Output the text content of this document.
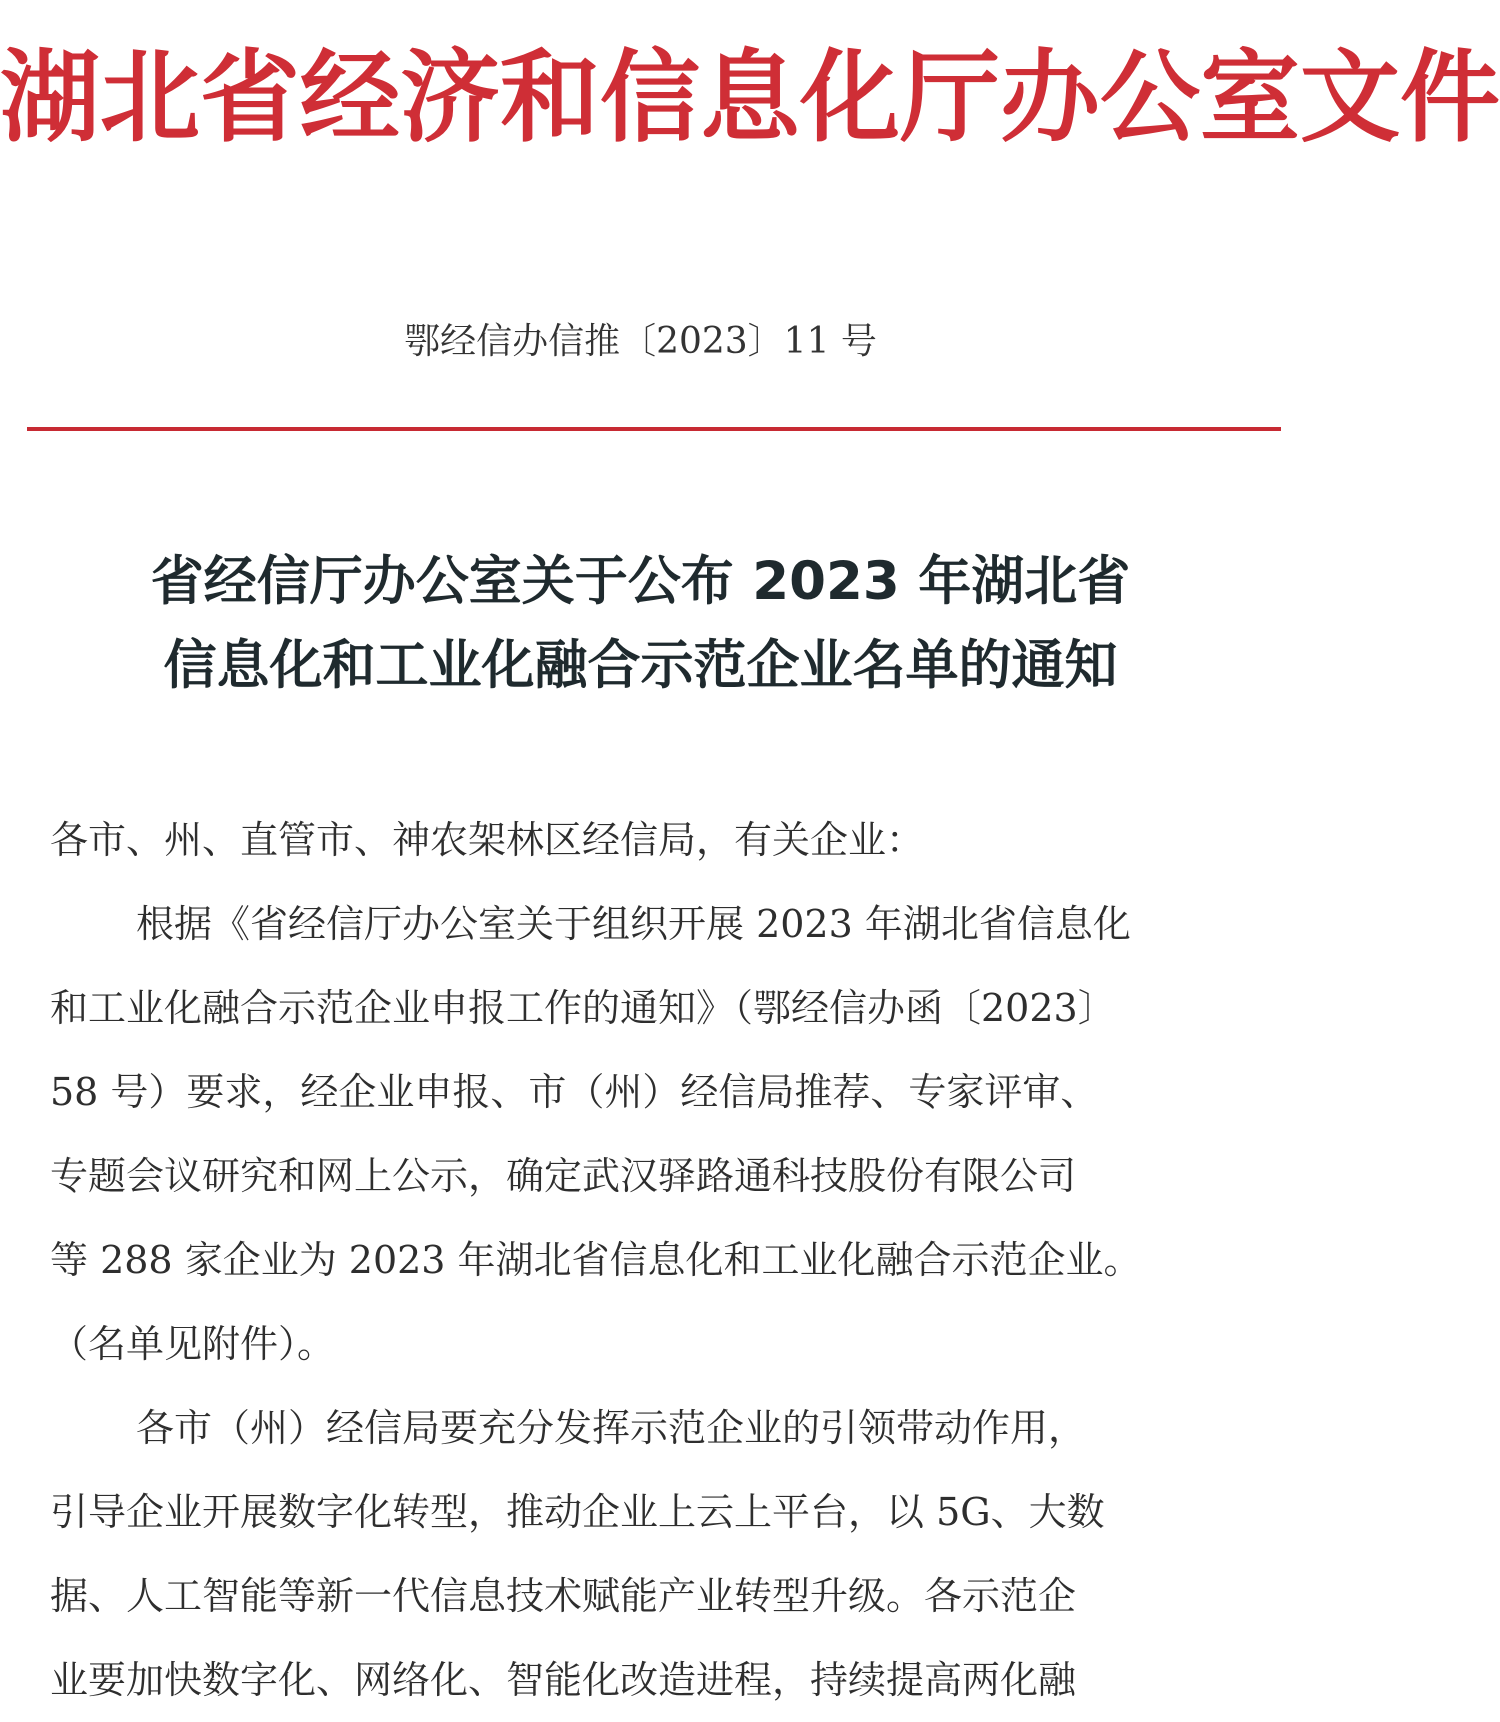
湖北省经济和信息化厅办公室文件
鄂经信办信推〔2023〕11 号
省经信厅办公室关于公布 2023 年湖北省
信息化和工业化融合示范企业名单的通知
各市、州、直管市、神农架林区经信局，有关企业：
根据《省经信厅办公室关于组织开展 2023 年湖北省信息化
和工业化融合示范企业申报工作的通知》（鄂经信办函〔2023〕
58 号）要求，经企业申报、市（州）经信局推荐、专家评审、
专题会议研究和网上公示，确定武汉驿路通科技股份有限公司
等 288 家企业为 2023 年湖北省信息化和工业化融合示范企业。
（名单见附件）。
各市（州）经信局要充分发挥示范企业的引领带动作用，
引导企业开展数字化转型，推动企业上云上平台，以 5G、大数
据、人工智能等新一代信息技术赋能产业转型升级。各示范企
业要加快数字化、网络化、智能化改造进程，持续提高两化融
